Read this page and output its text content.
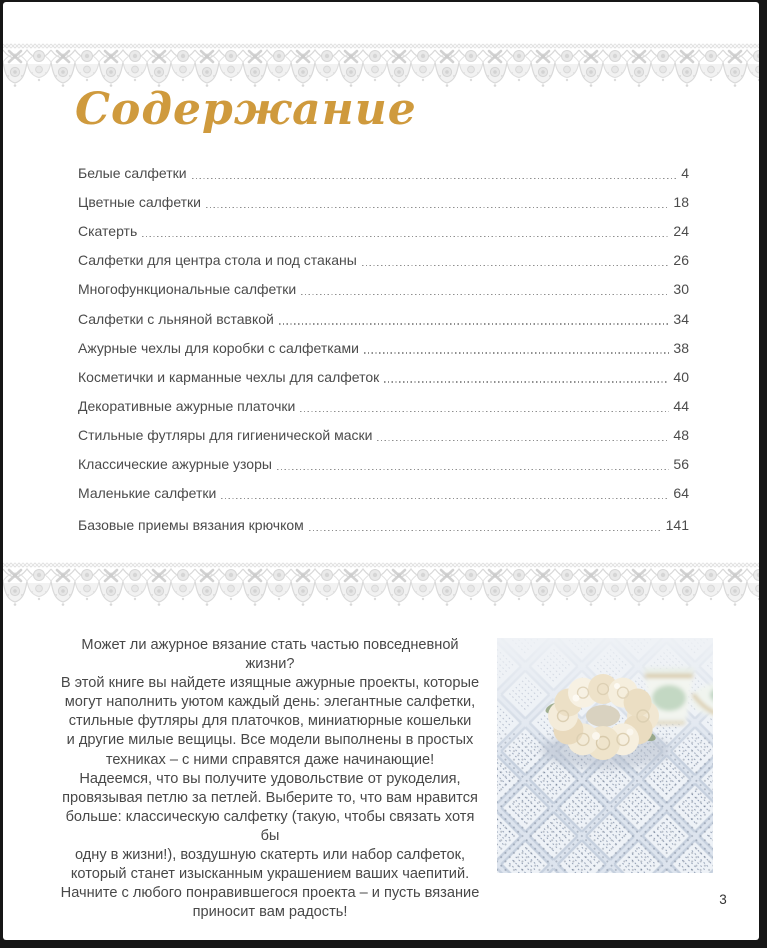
Содержание
Белые салфетки	4
Цветные салфетки	18
Скатерть	24
Салфетки для центра стола и под стаканы	26
Многофункциональные салфетки	30
Салфетки с льняной вставкой	34
Ажурные чехлы для коробки с салфетками	38
Косметички и карманные чехлы для салфеток	40
Декоративные ажурные платочки	44
Стильные футляры для гигиенической маски	48
Классические ажурные узоры	56
Маленькие салфетки	64
Базовые приемы вязания крючком	141
Может ли ажурное вязание стать частью повседневной жизни?
В этой книге вы найдете изящные ажурные проекты, которые
могут наполнить уютом каждый день: элегантные салфетки,
стильные футляры для платочков, миниатюрные кошельки
и другие милые вещицы. Все модели выполнены в простых
техниках – с ними справятся даже начинающие!
Надеемся, что вы получите удовольствие от рукоделия,
провязывая петлю за петлей. Выберите то, что вам нравится
больше: классическую салфетку (такую, чтобы связать хотя бы
одну в жизни!), воздушную скатерть или набор салфеток,
который станет изысканным украшением ваших чаепитий.
Начните с любого понравившегося проекта – и пусть вязание
приносит вам радость!
3
